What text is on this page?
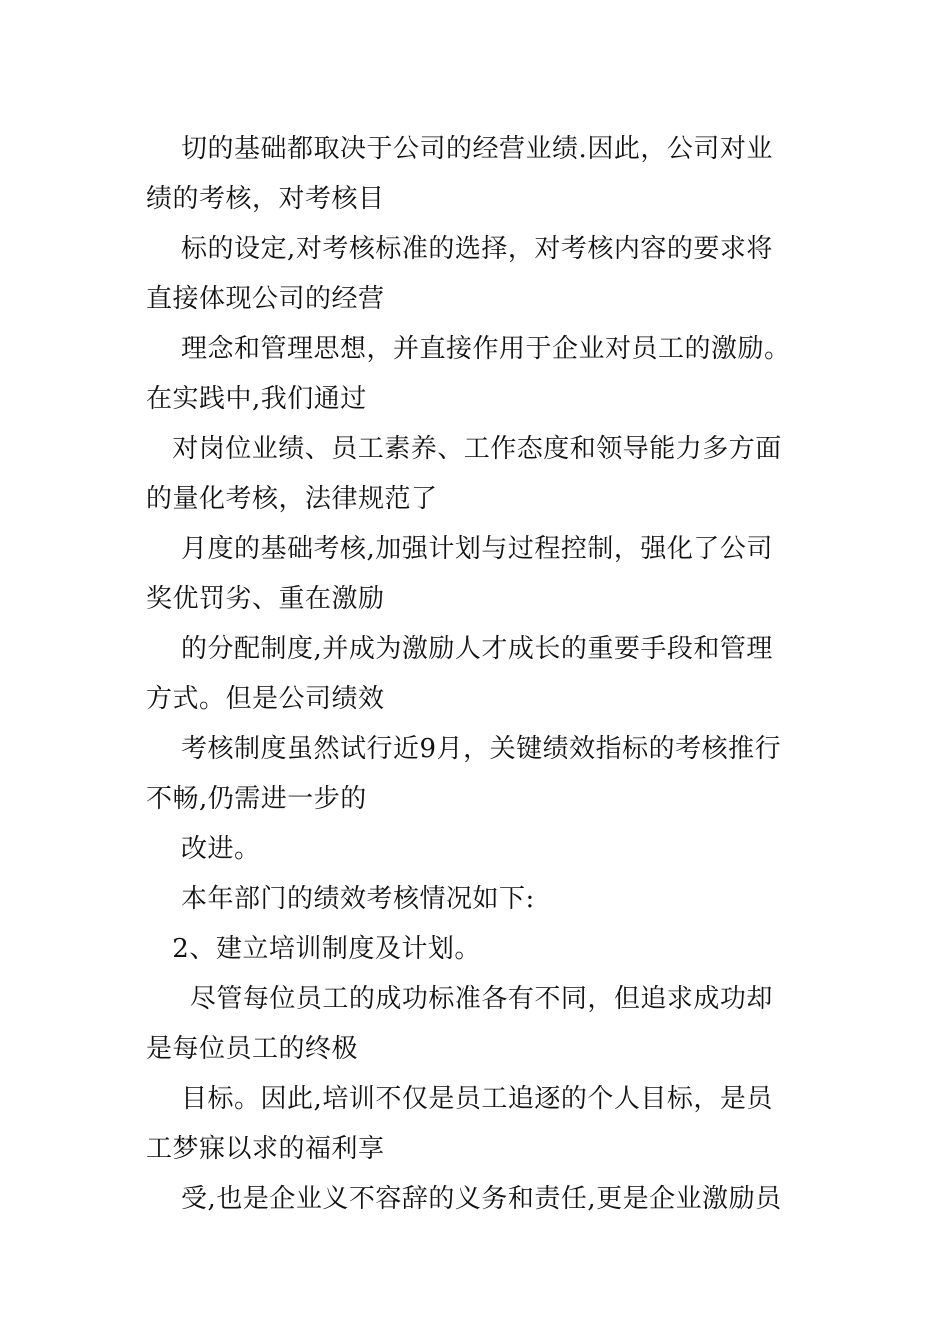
切的基础都取决于公司的经营业绩.因此，公司对业
绩的考核，对考核目
标的设定,对考核标准的选择，对考核内容的要求将
直接体现公司的经营
理念和管理思想，并直接作用于企业对员工的激励。
在实践中,我们通过
对岗位业绩、员工素养、工作态度和领导能力多方面
的量化考核，法律规范了
月度的基础考核,加强计划与过程控制，强化了公司
奖优罚劣、重在激励
的分配制度,并成为激励人才成长的重要手段和管理
方式。但是公司绩效
考核制度虽然试行近9月，关键绩效指标的考核推行
不畅,仍需进一步的
改进。
本年部门的绩效考核情况如下:
2、建立培训制度及计划。
尽管每位员工的成功标准各有不同，但追求成功却
是每位员工的终极
目标。因此,培训不仅是员工追逐的个人目标，是员
工梦寐以求的福利享
受,也是企业义不容辞的义务和责任,更是企业激励员
